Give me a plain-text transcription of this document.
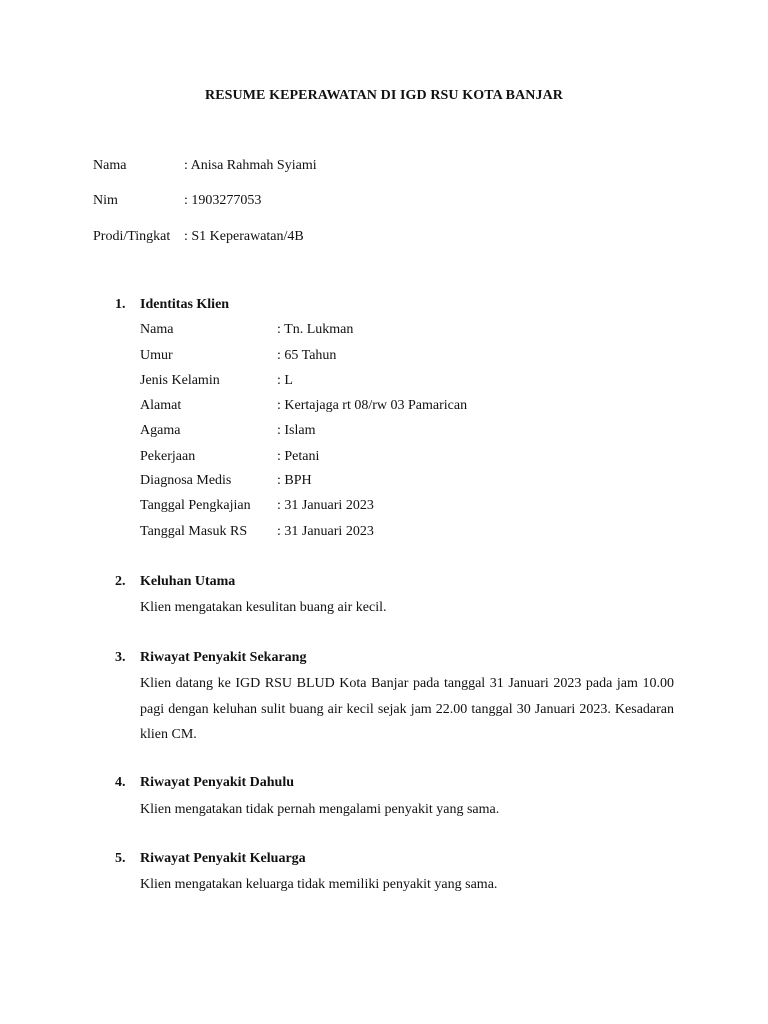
RESUME KEPERAWATAN DI IGD RSU KOTA BANJAR
Nama	: Anisa Rahmah Syiami
Nim	: 1903277053
Prodi/Tingkat : S1 Keperawatan/4B
1. Identitas Klien
Nama	: Tn. Lukman
Umur	: 65 Tahun
Jenis Kelamin	: L
Alamat	: Kertajaga rt 08/rw 03 Pamarican
Agama	: Islam
Pekerjaan	: Petani
Diagnosa Medis	: BPH
Tanggal Pengkajian : 31 Januari 2023
Tanggal Masuk RS : 31 Januari 2023
2. Keluhan Utama
Klien mengatakan kesulitan buang air kecil.
3. Riwayat Penyakit Sekarang
Klien datang ke IGD RSU BLUD Kota Banjar pada tanggal 31 Januari 2023 pada jam 10.00 pagi dengan keluhan sulit buang air kecil sejak jam 22.00 tanggal 30 Januari 2023. Kesadaran klien CM.
4. Riwayat Penyakit Dahulu
Klien mengatakan tidak pernah mengalami penyakit yang sama.
5. Riwayat Penyakit Keluarga
Klien mengatakan keluarga tidak memiliki penyakit yang sama.
